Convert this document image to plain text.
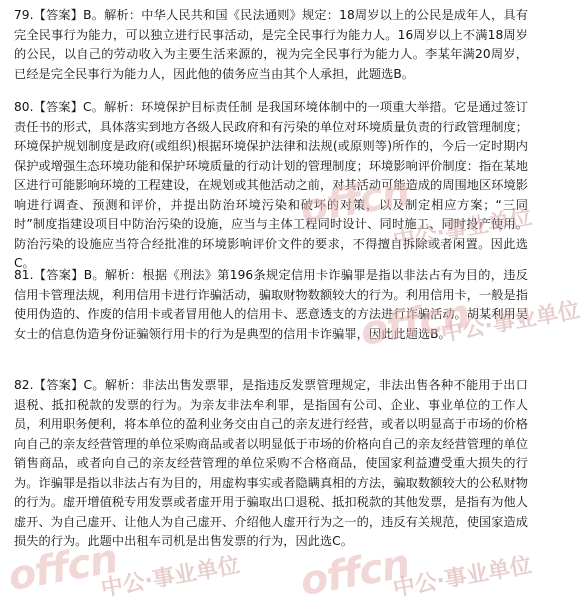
79.【答案】B。解析：中华人民共和国《民法通则》规定：18周岁以上的公民是成年人，具有完全民事行为能力，可以独立进行民事活动，是完全民事行为能力人。16周岁以上不满18周岁的公民，以自己的劳动收入为主要生活来源的，视为完全民事行为能力人。李某年满20周岁，已经是完全民事行为能力人，因此他的债务应当由其个人承担，此题选B。
80.【答案】C。解析：环境保护目标责任制 是我国环境体制中的一项重大举措。它是通过签订责任书的形式，具体落实到地方各级人民政府和有污染的单位对环境质量负责的行政管理制度；环境保护规划制度是政府(或组织)根据环境保护法律和法规(或原则等)所作的，今后一定时期内保护或增强生态环境功能和保护环境质量的行动计划的管理制度；环境影响评价制度：指在某地区进行可能影响环境的工程建设，在规划或其他活动之前，对其活动可能造成的周围地区环境影响进行调查、预测和评价，并提出防治环境污染和破坏的对策，以及制定相应方案；“三同时”制度指建设项目中防治污染的设施，应当与主体工程同时设计、同时施工、同时投产使用。防治污染的设施应当符合经批准的环境影响评价文件的要求，不得擅自拆除或者闲置。因此选C。
81.【答案】B。解析：根据《刑法》第196条规定信用卡诈骗罪是指以非法占有为目的，违反信用卡管理法规，利用信用卡进行诈骗活动，骗取财物数额较大的行为。利用信用卡，一般是指使用伪造的、作废的信用卡或者冒用他人的信用卡、恶意透支的方法进行诈骗活动。胡某利用吴女士的信息伪造身份证骗领行用卡的行为是典型的信用卡诈骗罪，因此此题选B。
82.【答案】C。解析：非法出售发票罪，是指违反发票管理规定，非法出售各种不能用于出口退税、抵扣税款的发票的行为。为亲友非法牟利罪，是指国有公司、企业、事业单位的工作人员，利用职务便利，将本单位的盈利业务交由自己的亲友进行经营，或者以明显高于市场的价格向自己的亲友经营管理的单位采购商品或者以明显低于市场的价格向自己的亲友经营管理的单位销售商品，或者向自己的亲友经营管理的单位采购不合格商品，使国家利益遭受重大损失的行为。诈骗罪是指以非法占有为目的，用虚构事实或者隐瞒真相的方法，骗取数额较大的公私财物的行为。虚开增值税专用发票或者虚开用于骗取出口退税、抵扣税款的其他发票，是指有为他人虚开、为自己虚开、让他人为自己虚开、介绍他人虚开行为之一的，违反有关规范，使国家造成损失的行为。此题中出租车司机是出售发票的行为，因此选C。
offcn
中公·事业单位
offcn
中公·事业单位
offcn
中公·事业单位 offcn
中公·事业单位
